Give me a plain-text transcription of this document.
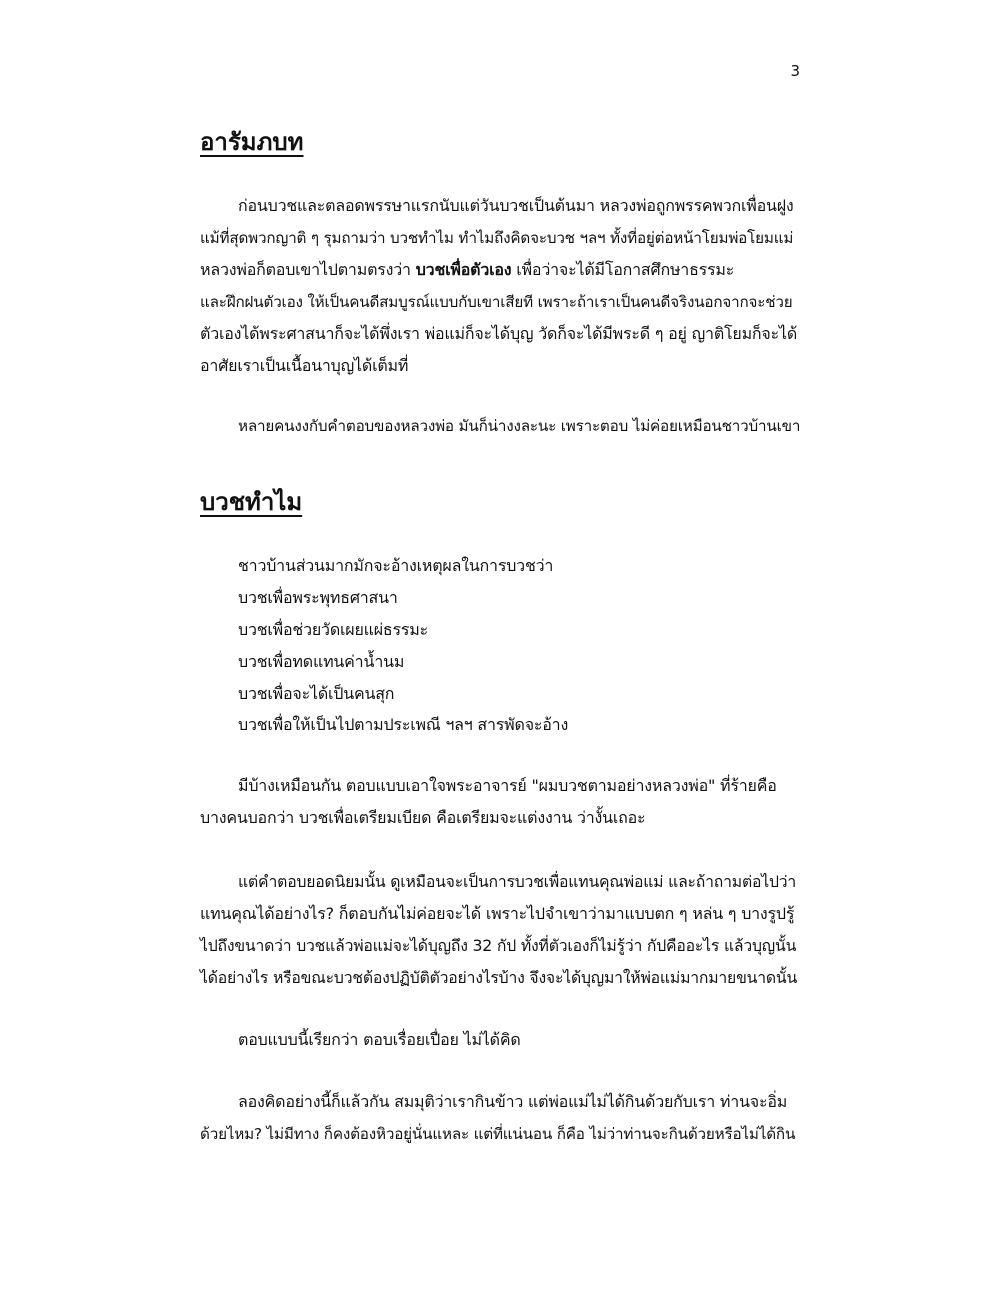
3
อารัมภบท

ก่อนบวชและตลอดพรรษาแรกนับแต่วันบวชเป็นต้นมา หลวงพ่อถูกพรรคพวกเพื่อนฝูง

แม้ที่สุดพวกญาติ ๆ รุมถามว่า บวชทำไม ทำไมถึงคิดจะบวช ฯลฯ ทั้งที่อยู่ต่อหน้าโยมพ่อโยมแม่

หลวงพ่อก็ตอบเขาไปตามตรงว่า บวชเพื่อตัวเอง เพื่อว่าจะได้มีโอกาสศึกษาธรรมะ

และฝึกฝนตัวเอง ให้เป็นคนดีสมบูรณ์แบบกับเขาเสียที เพราะถ้าเราเป็นคนดีจริงนอกจากจะช่วย

ตัวเองได้พระศาสนาก็จะได้พึ่งเรา พ่อแม่ก็จะได้บุญ วัดก็จะได้มีพระดี ๆ อยู่ ญาติโยมก็จะได้

อาศัยเราเป็นเนื้อนาบุญได้เต็มที่

หลายคนงงกับคำตอบของหลวงพ่อ มันก็น่างงละนะ เพราะตอบ ไม่ค่อยเหมือนชาวบ้านเขา

บวชทำไม

ชาวบ้านส่วนมากมักจะอ้างเหตุผลในการบวชว่า

บวชเพื่อพระพุทธศาสนา

บวชเพื่อช่วยวัดเผยแผ่ธรรมะ

บวชเพื่อทดแทนค่าน้ำนม

บวชเพื่อจะได้เป็นคนสุก

บวชเพื่อให้เป็นไปตามประเพณี ฯลฯ สารพัดจะอ้าง

มีบ้างเหมือนกัน ตอบแบบเอาใจพระอาจารย์ "ผมบวชตามอย่างหลวงพ่อ" ที่ร้ายคือ

บางคนบอกว่า บวชเพื่อเตรียมเบียด คือเตรียมจะแต่งงาน ว่างั้นเถอะ

แต่คำตอบยอดนิยมนั้น ดูเหมือนจะเป็นการบวชเพื่อแทนคุณพ่อแม่ และถ้าถามต่อไปว่า

แทนคุณได้อย่างไร? ก็ตอบกันไม่ค่อยจะได้ เพราะไปจำเขาว่ามาแบบตก ๆ หล่น ๆ บางรูปรู้

ไปถึงขนาดว่า บวชแล้วพ่อแม่จะได้บุญถึง 32 กัป ทั้งที่ตัวเองก็ไม่รู้ว่า กัปคืออะไร แล้วบุญนั้น

ได้อย่างไร หรือขณะบวชต้องปฏิบัติตัวอย่างไรบ้าง จึงจะได้บุญมาให้พ่อแม่มากมายขนาดนั้น

ตอบแบบนี้เรียกว่า ตอบเรื่อยเปื่อย ไม่ได้คิด

ลองคิดอย่างนี้ก็แล้วกัน สมมุติว่าเรากินข้าว แต่พ่อแม่ไม่ได้กินด้วยกับเรา ท่านจะอิ่ม

ด้วยไหม? ไม่มีทาง ก็คงต้องหิวอยู่นั่นแหละ แต่ที่แน่นอน ก็คือ ไม่ว่าท่านจะกินด้วยหรือไม่ได้กิน
